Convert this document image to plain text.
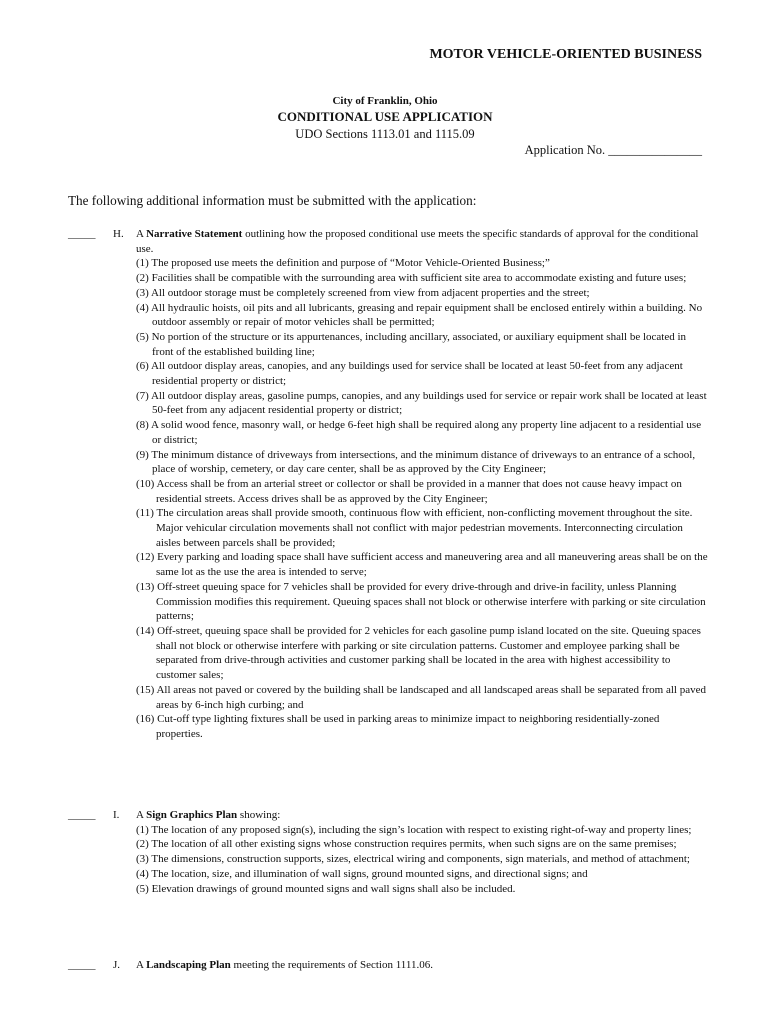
MOTOR VEHICLE-ORIENTED BUSINESS
City of Franklin, Ohio
CONDITIONAL USE APPLICATION
UDO Sections 1113.01 and 1115.09
Application No. _______________
The following additional information must be submitted with the application:
_____	H. A Narrative Statement outlining how the proposed conditional use meets the specific standards of approval for the conditional use.

(1) The proposed use meets the definition and purpose of “Motor Vehicle-Oriented Business;”

(2) Facilities shall be compatible with the surrounding area with sufficient site area to accommodate existing and future uses;

(3) All outdoor storage must be completely screened from view from adjacent properties and the street;

(4) All hydraulic hoists, oil pits and all lubricants, greasing and repair equipment shall be enclosed entirely within a building. No outdoor assembly or repair of motor vehicles shall be permitted;

(5) No portion of the structure or its appurtenances, including ancillary, associated, or auxiliary equipment shall be located in front of the established building line;

(6) All outdoor display areas, canopies, and any buildings used for service shall be located at least 50-feet from any adjacent residential property or district;

(7) All outdoor display areas, gasoline pumps, canopies, and any buildings used for service or repair work shall be located at least 50-feet from any adjacent residential property or district;

(8) A solid wood fence, masonry wall, or hedge 6-feet high shall be required along any property line adjacent to a residential use or district;

(9) The minimum distance of driveways from intersections, and the minimum distance of driveways to an entrance of a school, place of worship, cemetery, or day care center, shall be as approved by the City Engineer;

(10) Access shall be from an arterial street or collector or shall be provided in a manner that does not cause heavy impact on residential streets. Access drives shall be as approved by the City Engineer;

(11) The circulation areas shall provide smooth, continuous flow with efficient, non-conflicting movement throughout the site. Major vehicular circulation movements shall not conflict with major pedestrian movements. Interconnecting circulation aisles between parcels shall be provided;

(12) Every parking and loading space shall have sufficient access and maneuvering area and all maneuvering areas shall be on the same lot as the use the area is intended to serve;

(13) Off-street queuing space for 7 vehicles shall be provided for every drive-through and drive-in facility, unless Planning Commission modifies this requirement. Queuing spaces shall not block or otherwise interfere with parking or site circulation patterns;

(14) Off-street, queuing space shall be provided for 2 vehicles for each gasoline pump island located on the site. Queuing spaces shall not block or otherwise interfere with parking or site circulation patterns. Customer and employee parking shall be separated from drive-through activities and customer parking shall be located in the area with highest accessibility to customer sales;

(15) All areas not paved or covered by the building shall be landscaped and all landscaped areas shall be separated from all paved areas by 6-inch high curbing; and

(16) Cut-off type lighting fixtures shall be used in parking areas to minimize impact to neighboring residentially-zoned properties.

_____	I. A Sign Graphics Plan showing:

(1) The location of any proposed sign(s), including the sign’s location with respect to existing right-of-way and property lines;

(2) The location of all other existing signs whose construction requires permits, when such signs are on the same premises;

(3) The dimensions, construction supports, sizes, electrical wiring and components, sign materials, and method of attachment;

(4) The location, size, and illumination of wall signs, ground mounted signs, and directional signs; and

(5) Elevation drawings of ground mounted signs and wall signs shall also be included.

_____	J. A Landscaping Plan meeting the requirements of Section 1111.06.
